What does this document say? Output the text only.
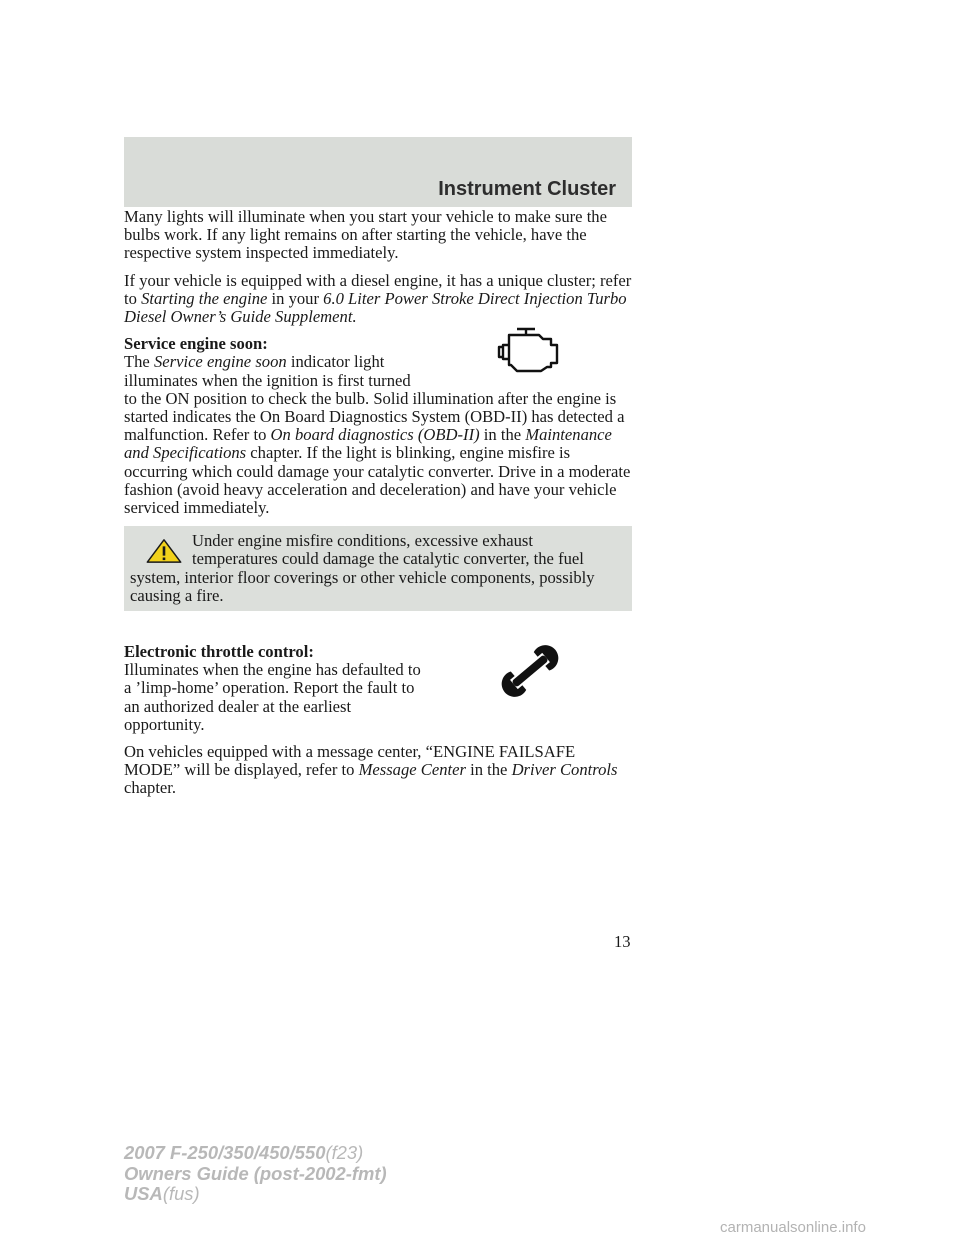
Instrument Cluster

Many lights will illuminate when you start your vehicle to make sure the bulbs work. If any light remains on after starting the vehicle, have the respective system inspected immediately.

If your vehicle is equipped with a diesel engine, it has a unique cluster; refer to Starting the engine in your 6.0 Liter Power Stroke Direct Injection Turbo Diesel Owner’s Guide Supplement.

Service engine soon:
The Service engine soon indicator light illuminates when the ignition is first turned to the ON position to check the bulb. Solid illumination after the engine is started indicates the On Board Diagnostics System (OBD-II) has detected a malfunction. Refer to On board diagnostics (OBD-II) in the Maintenance and Specifications chapter. If the light is blinking, engine misfire is occurring which could damage your catalytic converter. Drive in a moderate fashion (avoid heavy acceleration and deceleration) and have your vehicle serviced immediately.

Under engine misfire conditions, excessive exhaust temperatures could damage the catalytic converter, the fuel system, interior floor coverings or other vehicle components, possibly causing a fire.

Electronic throttle control:
Illuminates when the engine has defaulted to a ’limp-home’ operation. Report the fault to an authorized dealer at the earliest opportunity.

On vehicles equipped with a message center, “ENGINE FAILSAFE MODE” will be displayed, refer to Message Center in the Driver Controls chapter.

13
2007 F-250/350/450/550(f23)
Owners Guide (post-2002-fmt)
USA(fus)
carmanualsonline.info
